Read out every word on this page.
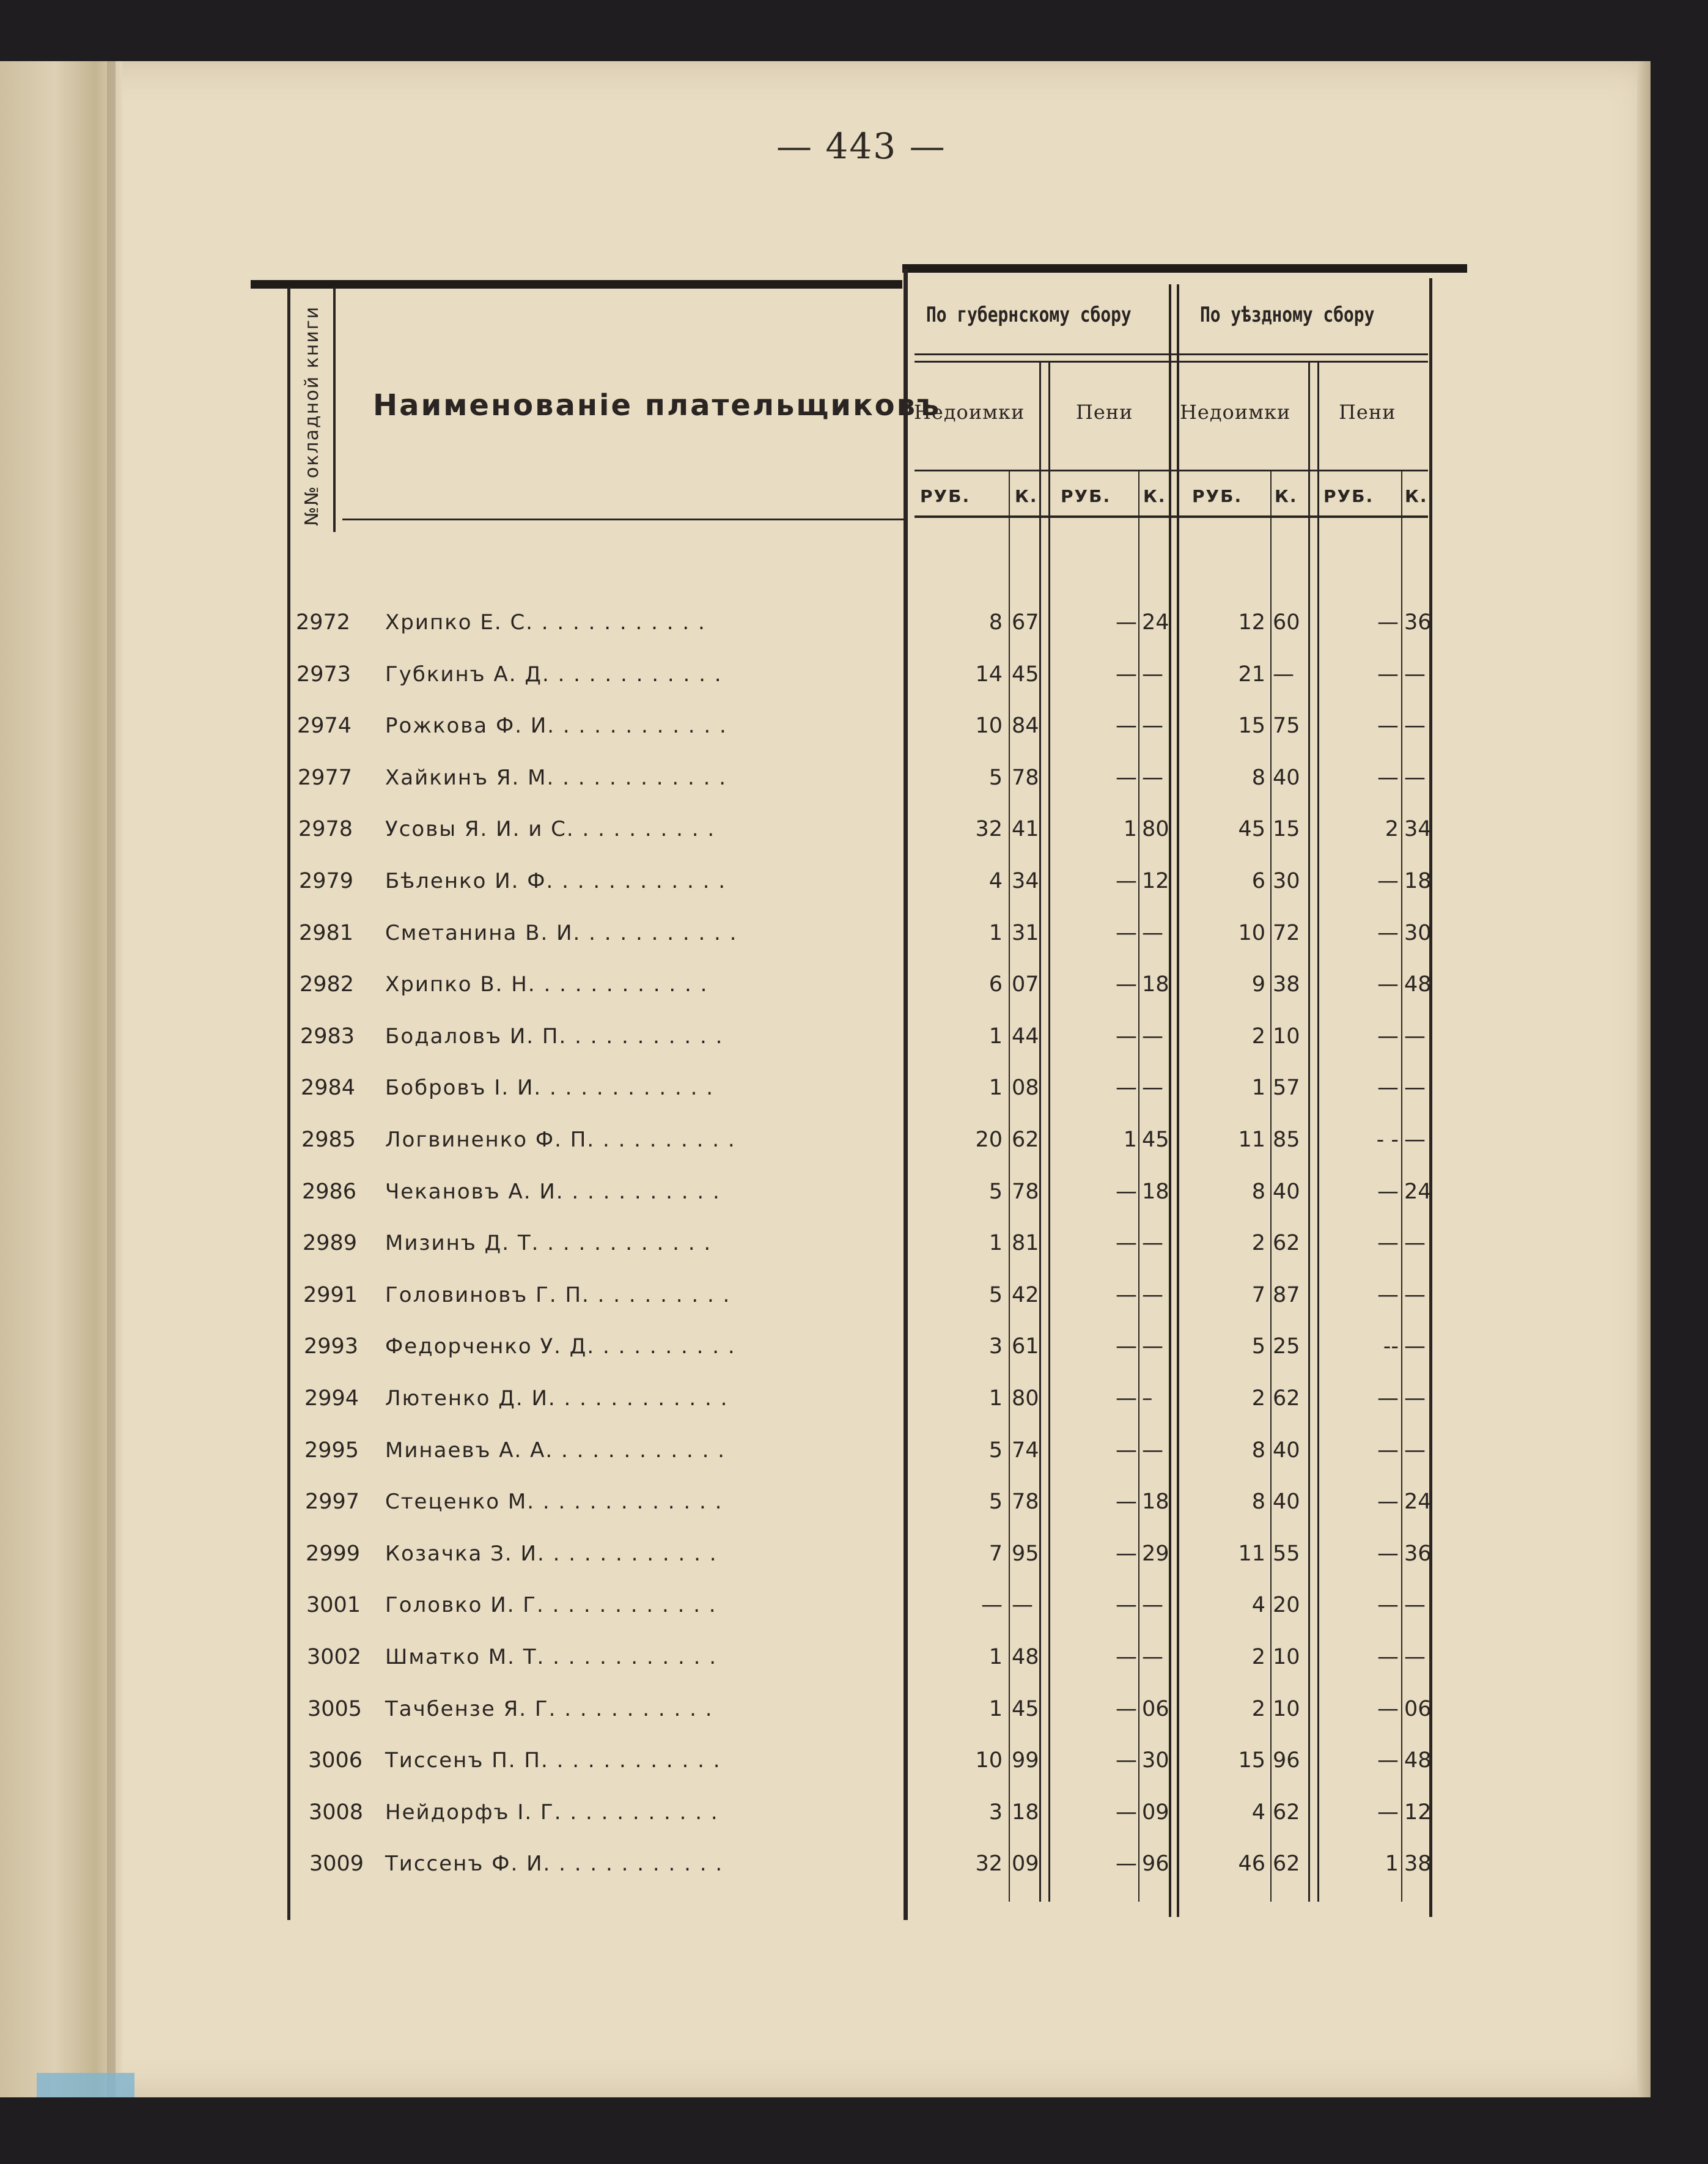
— 443 —
№№ окладной книги Наименованіе плательщиковъ
По губернскому сбору	По уѣздному сбору
Недоимки	Пени Недоимки Пени
РУБ.	К. РУБ. К. РУБ. К. РУБ. К.
2972 Хрипко Е. С. . . . . . . . . . . .	8 67	— 24	12 60	— 36
2973 Губкинъ А. Д. . . . . . . . . . . .	14 45	— —	21 —	— —
2974 Рожкова Ф. И. . . . . . . . . . . .	10 84	— —	15 75	— —
2977 Хайкинъ Я. М. . . . . . . . . . . .	5 78	— —	8 40	— —
2978 Усовы Я. И. и С. . . . . . . . . .	32 41	1 80	45 15	2 34
2979 Бѣленко И. Ф. . . . . . . . . . . .	4 34	— 12	6 30	— 18
2981 Сметанина В. И. . . . . . . . . . .	1 31	— —	10 72	— 30
2982 Хрипко В. Н. . . . . . . . . . . .	6 07	— 18	9 38	— 48
2983 Бодаловъ И. П. . . . . . . . . . .	1 44	— —	2 10	— —
2984 Бобровъ І. И. . . . . . . . . . . .	1 08	— —	1 57	— —
2985 Логвиненко Ф. П. . . . . . . . . .	20 62	1 45	11 85	- - —
2986 Чекановъ А. И. . . . . . . . . . .	5 78	— 18	8 40	— 24
2989 Мизинъ Д. Т. . . . . . . . . . . .	1 81	— —	2 62	— —
2991 Головиновъ Г. П. . . . . . . . . .	5 42	— —	7 87	— —
2993 Федорченко У. Д. . . . . . . . . .	3 61	— —	5 25	-- —
2994 Лютенко Д. И. . . . . . . . . . . .	1 80	— –	2 62	— —
2995 Минаевъ А. А. . . . . . . . . . . .	5 74	— —	8 40	— —
2997 Стеценко М. . . . . . . . . . . . .	5 78	— 18	8 40	— 24
2999 Козачка З. И. . . . . . . . . . . .	7 95	— 29	11 55	— 36
3001 Головко И. Г. . . . . . . . . . . .	— —	— —	4 20	— —
3002 Шматко М. Т. . . . . . . . . . . .	1 48	— —	2 10	— —
3005 Тачбензе Я. Г. . . . . . . . . . .	1 45	— 06	2 10	— 06
3006 Тиссенъ П. П. . . . . . . . . . . .	10 99	— 30	15 96	— 48
3008 Нейдорфъ І. Г. . . . . . . . . . .	3 18	— 09	4 62	— 12
3009 Тиссенъ Ф. И. . . . . . . . . . . .	32 09	— 96	46 62	1 38
